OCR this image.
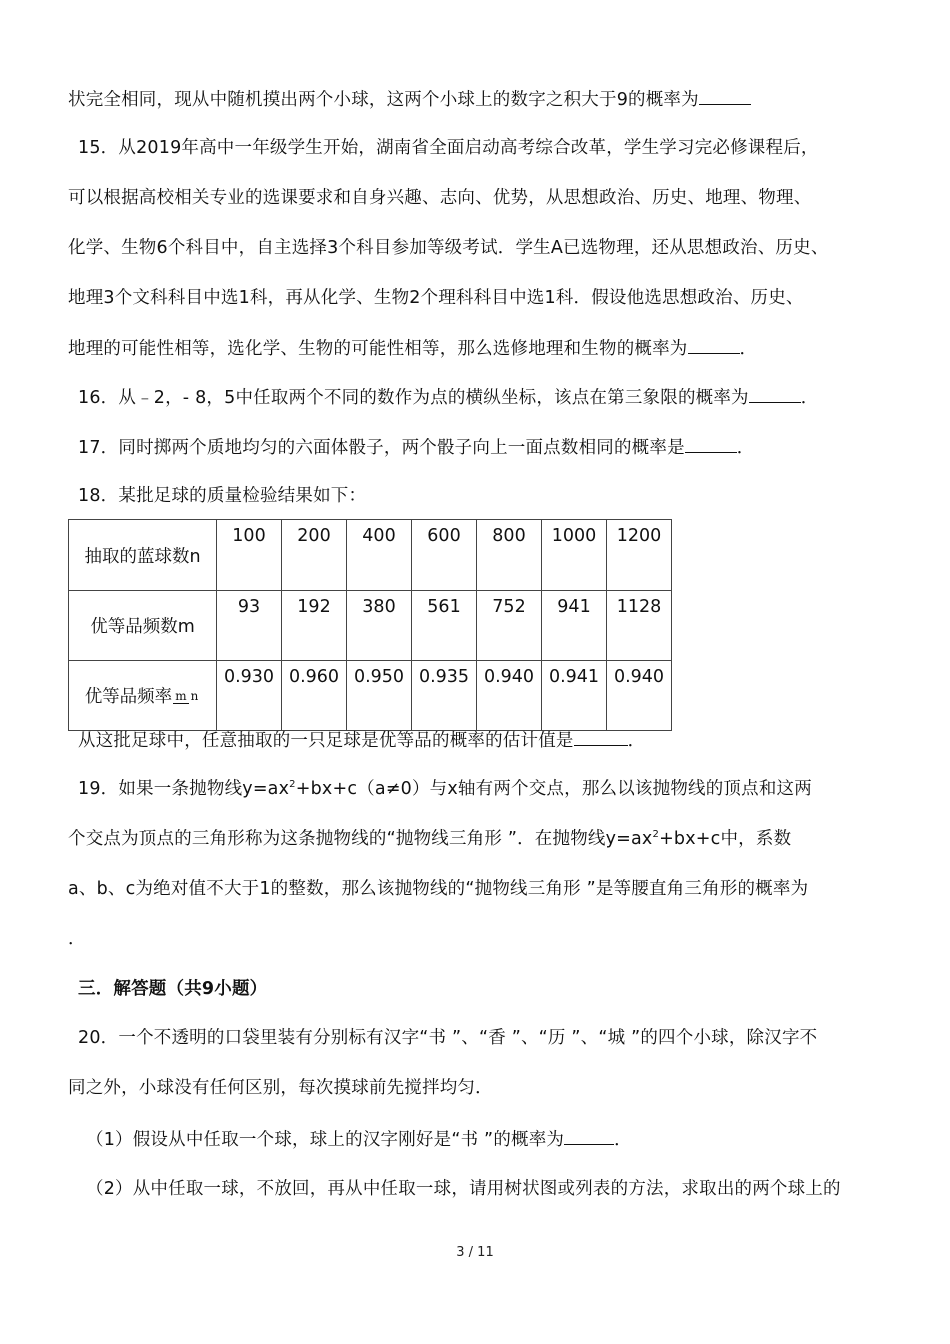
状完全相同，现从中随机摸出两个小球，这两个小球上的数字之积大于9的概率为
15．从2019年高中一年级学生开始，湖南省全面启动高考综合改革，学生学习完必修课程后，
可以根据高校相关专业的选课要求和自身兴趣、志向、优势，从思想政治、历史、地理、物理、
化学、生物6个科目中，自主选择3个科目参加等级考试．学生A已选物理，还从思想政治、历史、
地理3个文科科目中选1科，再从化学、生物2个理科科目中选1科．假设他选思想政治、历史、
地理的可能性相等，选化学、生物的可能性相等，那么选修地理和生物的概率为	．
16．从﹣2，- 8，5中任取两个不同的数作为点的横纵坐标，该点在第三象限的概率为	．
17．同时掷两个质地均匀的六面体骰子，两个骰子向上一面点数相同的概率是	．
18．某批足球的质量检验结果如下：
抽取的蓝球数n	100	200	400	600	800	1000	1200
优等品频数m	93	192	380	561	752	941	1128
优等品频率 m n	0.930	0.960	0.950	0.935	0.940	0.941	0.940
从这批足球中，任意抽取的一只足球是优等品的概率的估计值是	．
19．如果一条抛物线$y=ax^2+bx+c(a\ne 0)$与x轴有两个交点，那么以该抛物线的顶点和这两
个交点为顶点的三角形称为这条抛物线的“抛物线三角形 ”．在抛物线$y=ax^2+bx+c$中，系数
a、b、c为绝对值不大于1的整数，那么该抛物线的“抛物线三角形 ”是等腰直角三角形的概率为
．
三．解答题（共9小题）
20．一个不透明的口袋里装有分别标有汉字“书 ”、“香 ”、“历 ”、“城 ”的四个小球，除汉字不
同之外，小球没有任何区别，每次摸球前先搅拌均匀．
（1）假设从中任取一个球，球上的汉字刚好是“书 ”的概率为	．
（2）从中任取一球，不放回，再从中任取一球，请用树状图或列表的方法，求取出的两个球上的
3 / 11
